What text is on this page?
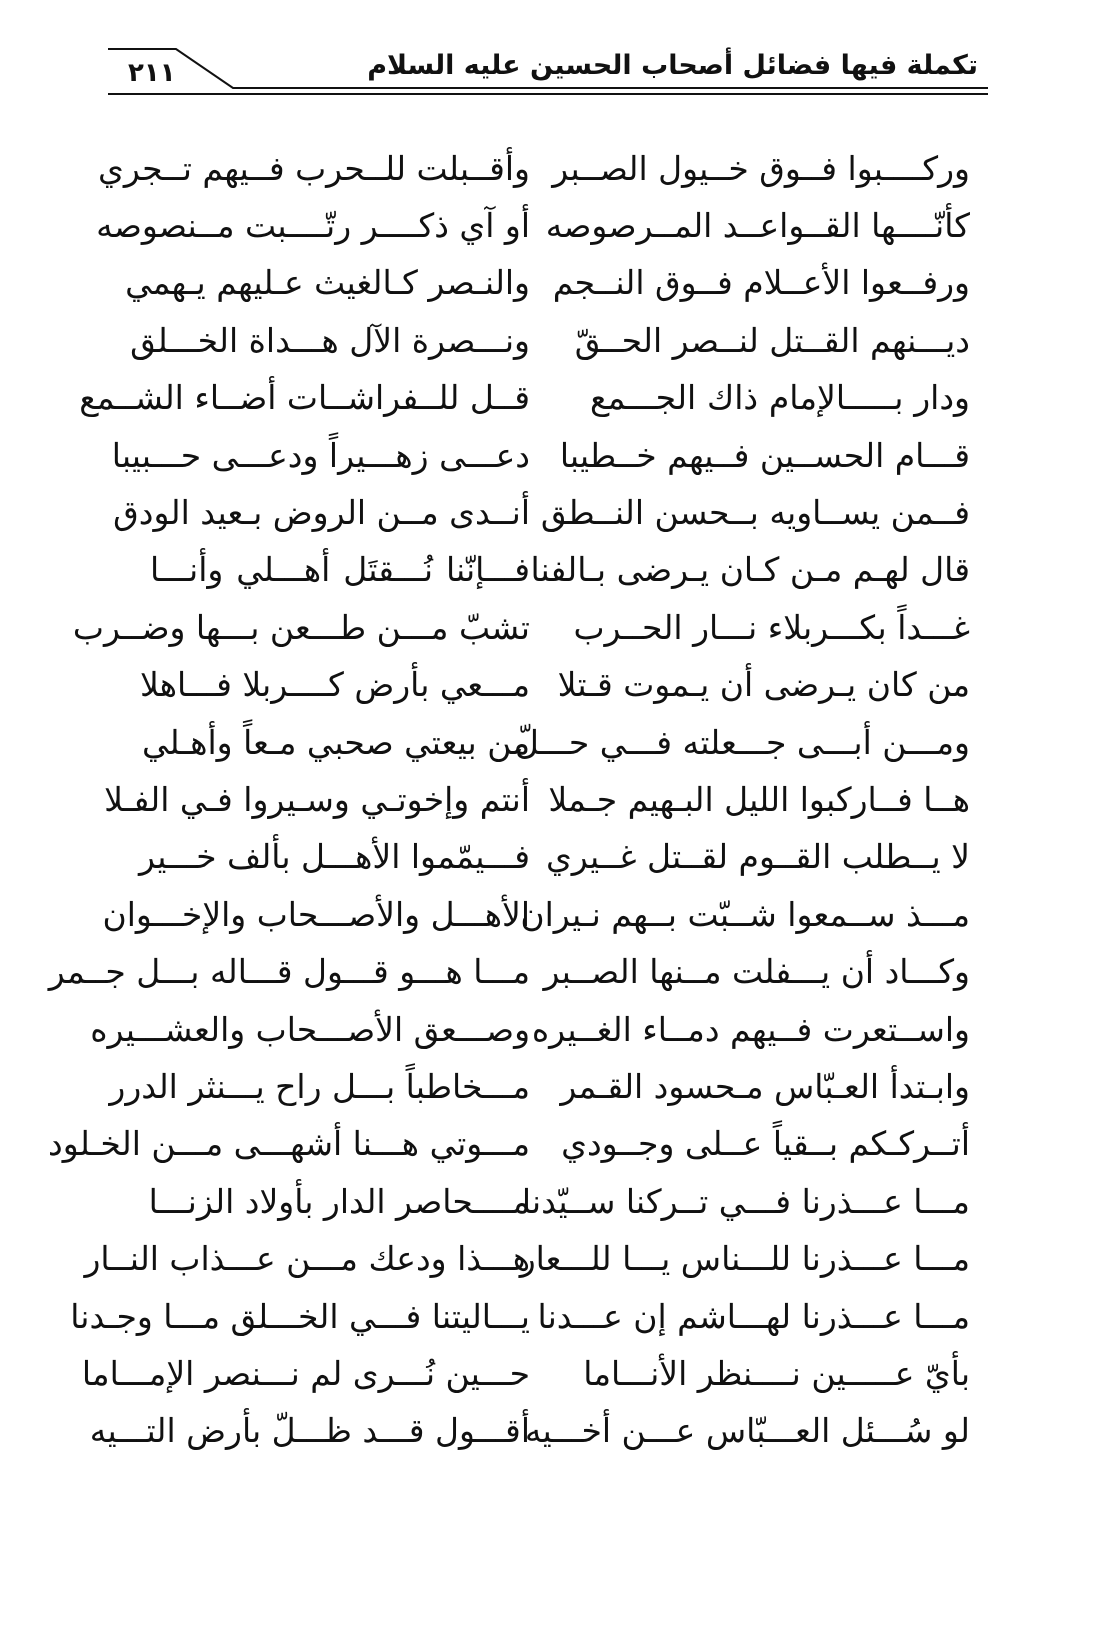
تكملة فيها فضائل أصحاب الحسين عليه السلام
٢١١
وركــــبوا فــوق خــيول الصــبر
وأقــبلت للــحرب فــيهم تــجري
كأنّــــها القــواعــد المــرصوصه
أو آي ذكــــر رتّــــبت مــنصوصه
ورفــعوا الأعــلام فــوق النــجم
والنـصر كـالغيث عـليهم يـهمي
ديـــنهم القــتل لنــصر الحــقّ
ونـــصرة الآل هـــداة الخـــلق
ودار بـــــالإمام ذاك الجـــمع
قــل للــفراشــات أضــاء الشــمع
قـــام الحســين فــيهم خــطيبا
دعـــى زهـــيراً ودعـــى حـــبيبا
فــمن يســاويه بــحسن النــطق
أنــدى مــن الروض بـعيد الودق
قال لهـم مـن كـان يـرضى بـالفنا
فـــإنّنا نُـــقتَل أهـــلي وأنـــا
غـــداً بكـــربلاء نـــار الحــرب
تشبّ مـــن طـــعن بـــها وضــرب
من كان يـرضى أن يـموت قـتلا
مـــعي بأرض كــــربلا فـــاهلا
ومـــن أبـــى جـــعلته فـــي حـــلّ
من بيعتي صحبي مـعاً وأهـلي
هــا فــاركبوا الليل البـهيم جـملا
أنتم وإخوتـي وسـيروا فـي الفـلا
لا يــطلب القــوم لقــتل غــيري
فـــيمّموا الأهـــل بألف خـــير
مـــذ ســمعوا شــبّت بــهم نـيران
الأهـــل والأصـــحاب والإخـــوان
وكـــاد أن يـــفلت مــنها الصــبر
مـــا هـــو قـــول قـــاله بـــل جــمر
واســتعرت فــيهم دمــاء الغــيره
وصـــعق الأصـــحاب والعشـــيره
وابـتدأ العـبّاس مـحسود القـمر
مـــخاطباً بـــل راح يـــنثر الدرر
أتــركـكم بــقياً عــلى وجــودي
مـــوتي هـــنا أشهـــى مـــن الخـلود
مـــا عـــذرنا فـــي تــركنا ســيّدنا
مــــحاصر الدار بأولاد الزنـــا
مـــا عـــذرنا للـــناس يـــا للـــعار
هـــذا ودعك مـــن عـــذاب النــار
مـــا عـــذرنا لهـــاشم إن عـــدنا
يـــاليتنا فـــي الخـــلق مـــا وجـدنا
بأيّ عـــــين نــــنظر الأنـــاما
حـــين نُـــرى لم نـــنصر الإمـــاما
لو سُـــئل العـــبّاس عـــن أخـــيه
أقـــول قـــد ظـــلّ بأرض التـــيه
